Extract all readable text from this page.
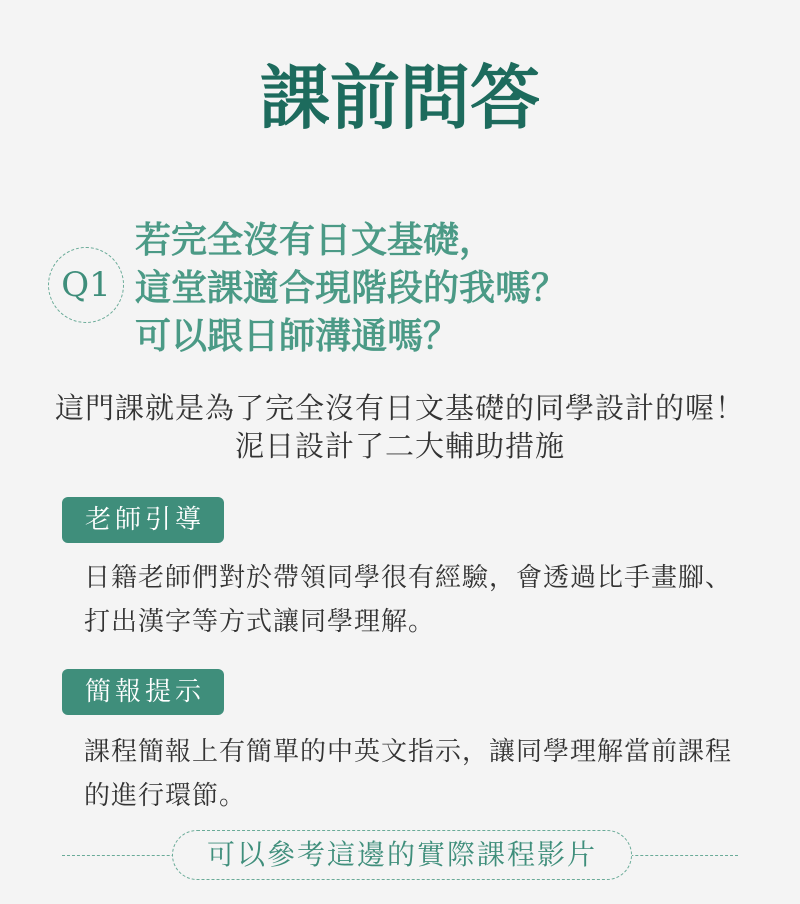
課前問答
Q1
若完全沒有日文基礎，
這堂課適合現階段的我嗎？
可以跟日師溝通嗎？
這門課就是為了完全沒有日文基礎的同學設計的喔！
泥日設計了二大輔助措施
老師引導
日籍老師們對於帶領同學很有經驗，會透過比手畫腳、
打出漢字等方式讓同學理解。
簡報提示
課程簡報上有簡單的中英文指示，讓同學理解當前課程
的進行環節。
可以參考這邊的實際課程影片
